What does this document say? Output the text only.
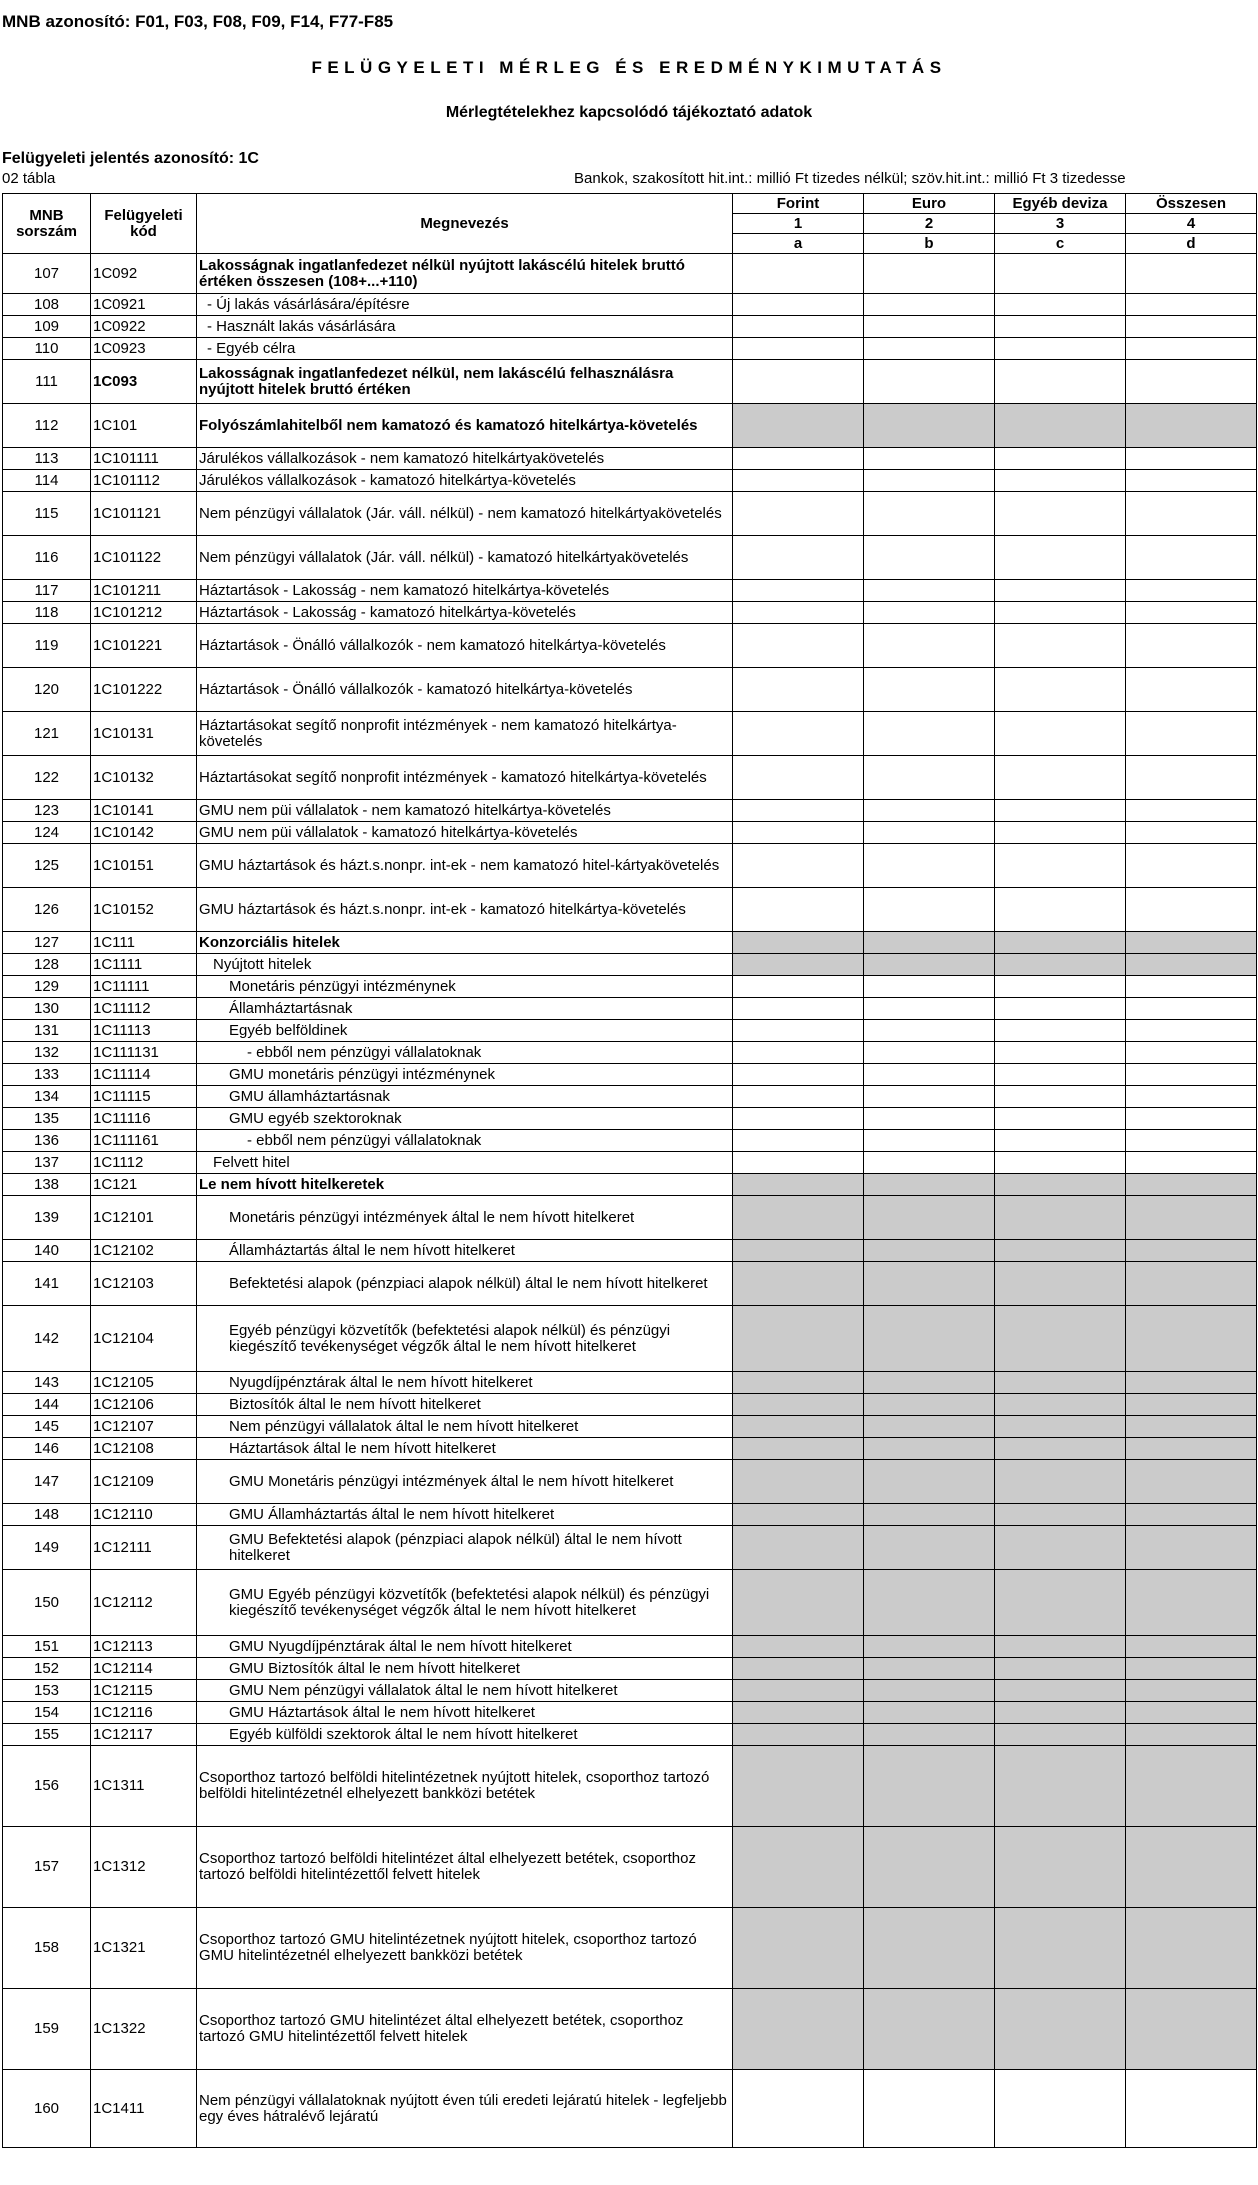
MNB azonosító: F01, F03, F08, F09, F14, F77-F85
FELÜGYELETI MÉRLEG ÉS EREDMÉNYKIMUTATÁS
Mérlegtételekhez kapcsolódó tájékoztató adatok
Felügyeleti jelentés azonosító: 1C
02 tábla	Bankok, szakosított hit.int.: millió Ft tizedes nélkül; szöv.hit.int.: millió Ft 3 tizedesse
MNB sorszám	Felügyeleti kód	Megnevezés	Forint	Euro	Egyéb deviza	Összesen
			1	2	3	4
			a	b	c	d
107	1C092	Lakosságnak ingatlanfedezet nélkül nyújtott lakáscélú hitelek bruttó értéken összesen (108+...+110)				
108	1C0921	- Új lakás vásárlására/építésre				
109	1C0922	- Használt lakás vásárlására				
110	1C0923	- Egyéb célra				
111	1C093	Lakosságnak ingatlanfedezet nélkül, nem lakáscélú felhasználásra nyújtott hitelek bruttó értéken				
112	1C101	Folyószámlahitelből nem kamatozó és kamatozó hitelkártya-követelés				
113	1C101111	Járulékos vállalkozások - nem kamatozó hitelkártyakövetelés				
114	1C101112	Járulékos vállalkozások - kamatozó hitelkártya-követelés				
115	1C101121	Nem pénzügyi vállalatok (Jár. váll. nélkül) - nem kamatozó hitelkártyakövetelés				
116	1C101122	Nem pénzügyi vállalatok (Jár. váll. nélkül) - kamatozó hitelkártyakövetelés				
117	1C101211	Háztartások - Lakosság - nem kamatozó hitelkártya-követelés				
118	1C101212	Háztartások - Lakosság - kamatozó hitelkártya-követelés				
119	1C101221	Háztartások - Önálló vállalkozók - nem kamatozó hitelkártya-követelés				
120	1C101222	Háztartások - Önálló vállalkozók - kamatozó hitelkártya-követelés				
121	1C10131	Háztartásokat segítő nonprofit intézmények - nem kamatozó hitelkártya-követelés				
122	1C10132	Háztartásokat segítő nonprofit intézmények - kamatozó hitelkártya-követelés				
123	1C10141	GMU nem püi vállalatok - nem kamatozó hitelkártya-követelés				
124	1C10142	GMU nem püi vállalatok - kamatozó hitelkártya-követelés				
125	1C10151	GMU háztartások és házt.s.nonpr. int-ek - nem kamatozó hitel-kártyakövetelés				
126	1C10152	GMU háztartások és házt.s.nonpr. int-ek - kamatozó hitelkártya-követelés				
127	1C111	Konzorciális hitelek				
128	1C1111	Nyújtott hitelek				
129	1C11111	Monetáris pénzügyi intézménynek				
130	1C11112	Államháztartásnak				
131	1C11113	Egyéb belföldinek				
132	1C111131	- ebből nem pénzügyi vállalatoknak				
133	1C11114	GMU monetáris pénzügyi intézménynek				
134	1C11115	GMU államháztartásnak				
135	1C11116	GMU egyéb szektoroknak				
136	1C111161	- ebből nem pénzügyi vállalatoknak				
137	1C1112	Felvett hitel				
138	1C121	Le nem hívott hitelkeretek				
139	1C12101	Monetáris pénzügyi intézmények által le nem hívott hitelkeret				
140	1C12102	Államháztartás által le nem hívott hitelkeret				
141	1C12103	Befektetési alapok (pénzpiaci alapok nélkül) által le nem hívott hitelkeret				
142	1C12104	Egyéb pénzügyi közvetítők (befektetési alapok nélkül) és pénzügyi kiegészítő tevékenységet végzők által le nem hívott hitelkeret				
143	1C12105	Nyugdíjpénztárak által le nem hívott hitelkeret				
144	1C12106	Biztosítók által le nem hívott hitelkeret				
145	1C12107	Nem pénzügyi vállalatok által le nem hívott hitelkeret				
146	1C12108	Háztartások által le nem hívott hitelkeret				
147	1C12109	GMU Monetáris pénzügyi intézmények által le nem hívott hitelkeret				
148	1C12110	GMU Államháztartás által le nem hívott hitelkeret				
149	1C12111	GMU Befektetési alapok (pénzpiaci alapok nélkül) által le nem hívott hitelkeret				
150	1C12112	GMU Egyéb pénzügyi közvetítők (befektetési alapok nélkül) és pénzügyi kiegészítő tevékenységet végzők által le nem hívott hitelkeret				
151	1C12113	GMU Nyugdíjpénztárak által le nem hívott hitelkeret				
152	1C12114	GMU Biztosítók által le nem hívott hitelkeret				
153	1C12115	GMU Nem pénzügyi vállalatok által le nem hívott hitelkeret				
154	1C12116	GMU Háztartások által le nem hívott hitelkeret				
155	1C12117	Egyéb külföldi szektorok által le nem hívott hitelkeret				
156	1C1311	Csoporthoz tartozó belföldi hitelintézetnek nyújtott hitelek, csoporthoz tartozó belföldi hitelintézetnél elhelyezett bankközi betétek				
157	1C1312	Csoporthoz tartozó belföldi hitelintézet által elhelyezett betétek, csoporthoz tartozó belföldi hitelintézettől felvett hitelek				
158	1C1321	Csoporthoz tartozó GMU hitelintézetnek nyújtott hitelek, csoporthoz tartozó GMU hitelintézetnél elhelyezett bankközi betétek				
159	1C1322	Csoporthoz tartozó GMU hitelintézet által elhelyezett betétek, csoporthoz tartozó GMU hitelintézettől felvett hitelek				
160	1C1411	Nem pénzügyi vállalatoknak nyújtott éven túli eredeti lejáratú hitelek - legfeljebb egy éves hátralévő lejáratú				
